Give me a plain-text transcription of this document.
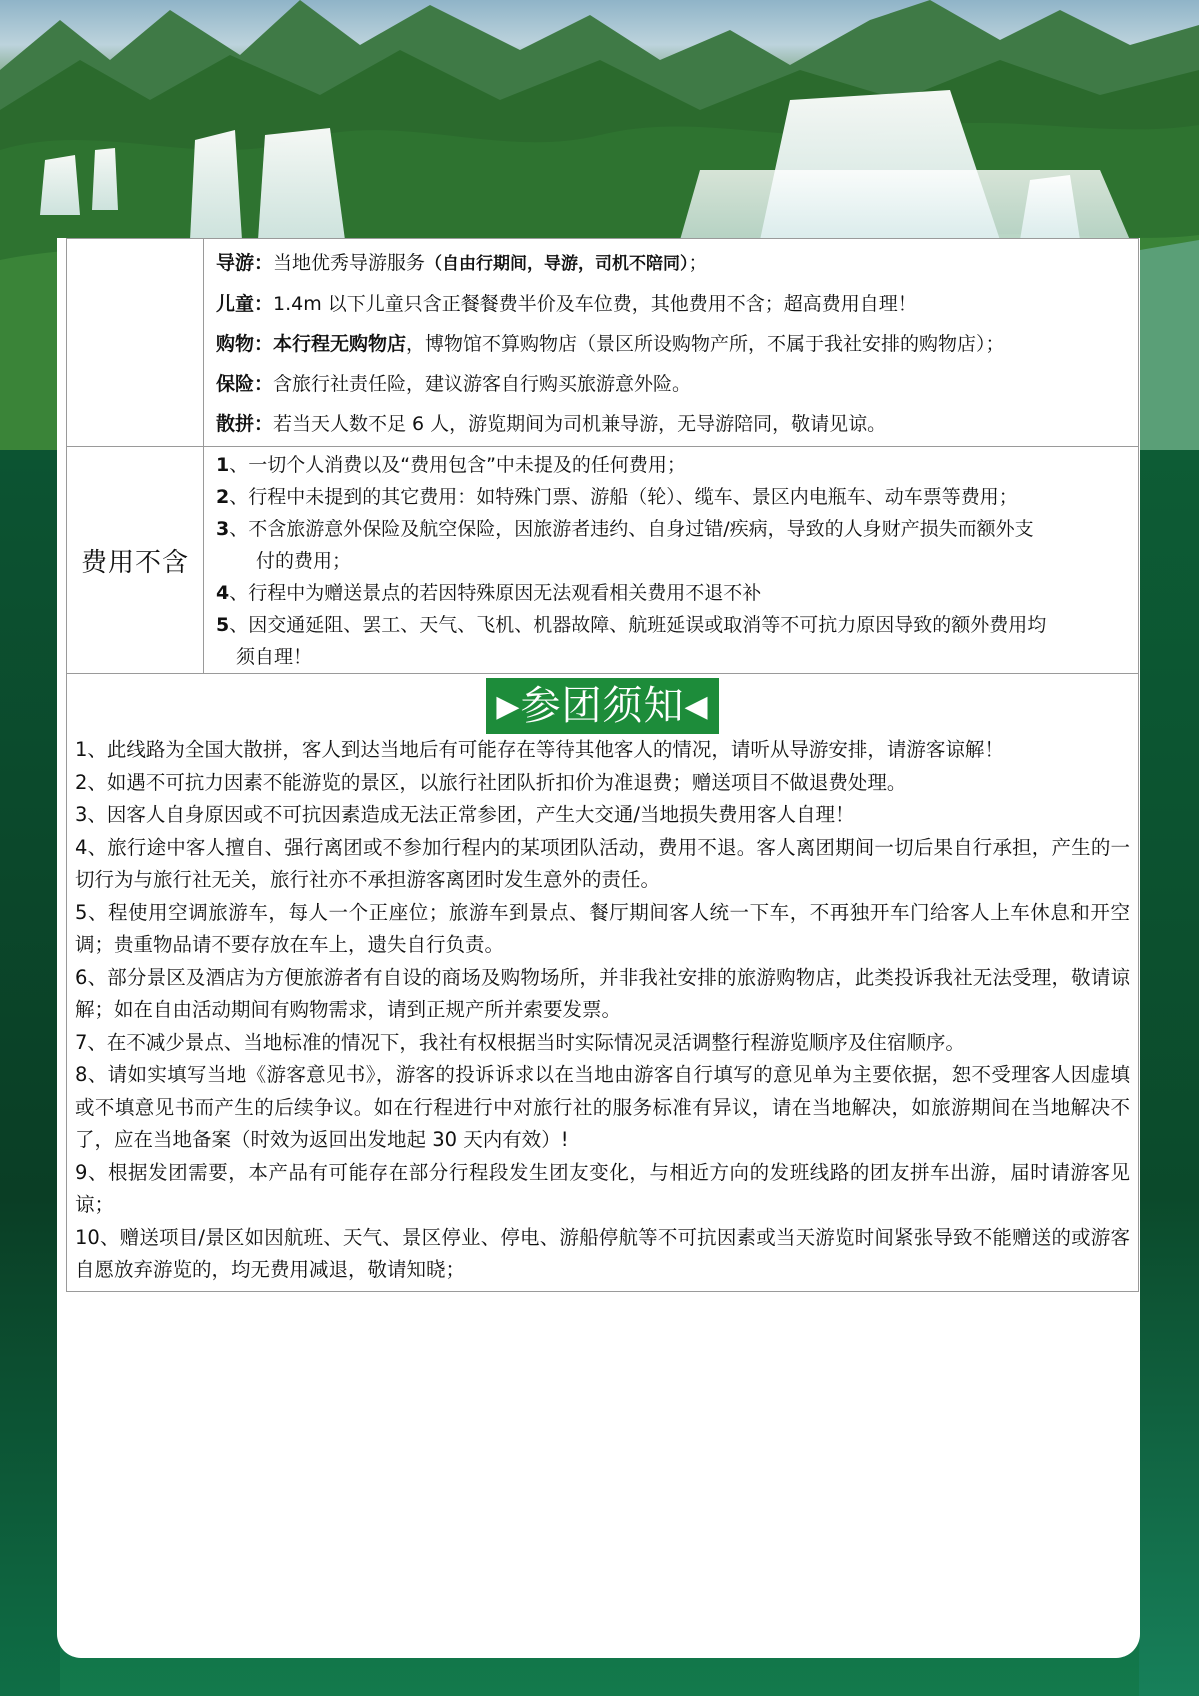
导游：当地优秀导游服务（自由行期间，导游，司机不陪同）；
儿童：1.4m 以下儿童只含正餐餐费半价及车位费，其他费用不含；超高费用自理！
购物：本行程无购物店，博物馆不算购物店（景区所设购物产所，不属于我社安排的购物店）；
保险：含旅行社责任险，建议游客自行购买旅游意外险。
散拼：若当天人数不足 6 人，游览期间为司机兼导游，无导游陪同，敬请见谅。
费用不含
1、一切个人消费以及“费用包含”中未提及的任何费用；
2、行程中未提到的其它费用：如特殊门票、游船（轮）、缆车、景区内电瓶车、动车票等费用；
3、不含旅游意外保险及航空保险，因旅游者违约、自身过错/疾病，导致的人身财产损失而额外支
付的费用；
4、行程中为赠送景点的若因特殊原因无法观看相关费用不退不补
5、因交通延阻、罢工、天气、飞机、机器故障、航班延误或取消等不可抗力原因导致的额外费用均
须自理！
▶参团须知◀
1、此线路为全国大散拼，客人到达当地后有可能存在等待其他客人的情况，请听从导游安排，请游客谅解！
2、如遇不可抗力因素不能游览的景区，以旅行社团队折扣价为准退费；赠送项目不做退费处理。
3、因客人自身原因或不可抗因素造成无法正常参团，产生大交通/当地损失费用客人自理！
4、旅行途中客人擅自、强行离团或不参加行程内的某项团队活动，费用不退。客人离团期间一切后果自行承担，产生的一切行为与旅行社无关，旅行社亦不承担游客离团时发生意外的责任。
5、程使用空调旅游车，每人一个正座位；旅游车到景点、餐厅期间客人统一下车，不再独开车门给客人上车休息和开空调；贵重物品请不要存放在车上，遗失自行负责。
6、部分景区及酒店为方便旅游者有自设的商场及购物场所，并非我社安排的旅游购物店，此类投诉我社无法受理，敬请谅解；如在自由活动期间有购物需求，请到正规产所并索要发票。
7、在不减少景点、当地标准的情况下，我社有权根据当时实际情况灵活调整行程游览顺序及住宿顺序。
8、请如实填写当地《游客意见书》，游客的投诉诉求以在当地由游客自行填写的意见单为主要依据，恕不受理客人因虚填或不填意见书而产生的后续争议。如在行程进行中对旅行社的服务标准有异议，请在当地解决，如旅游期间在当地解决不了，应在当地备案（时效为返回出发地起 30 天内有效）!
9、根据发团需要，本产品有可能存在部分行程段发生团友变化，与相近方向的发班线路的团友拼车出游，届时请游客见谅；
10、赠送项目/景区如因航班、天气、景区停业、停电、游船停航等不可抗因素或当天游览时间紧张导致不能赠送的或游客自愿放弃游览的，均无费用减退，敬请知晓；
